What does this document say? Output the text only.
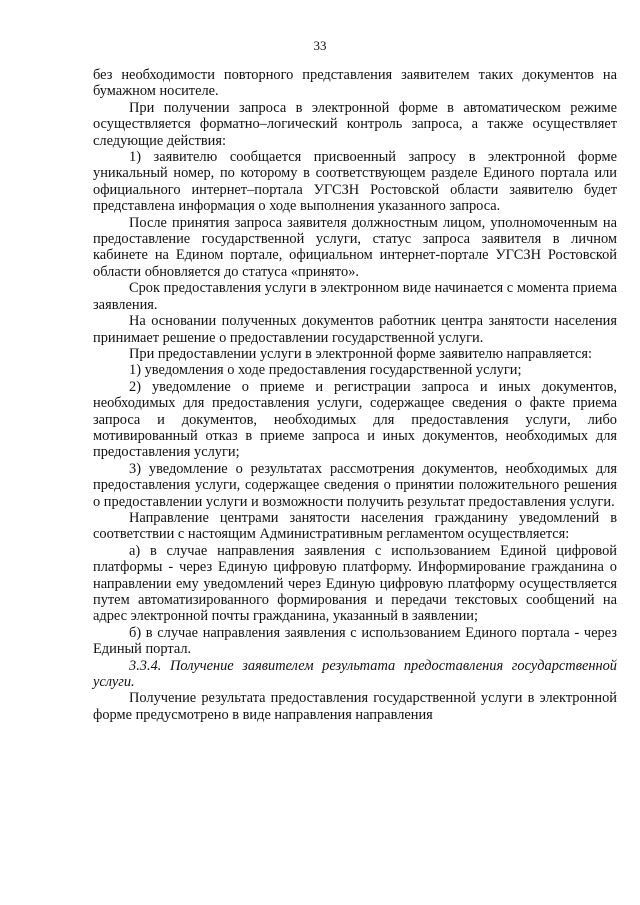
33

без необходимости повторного представления заявителем таких документов на бумажном носителе.

При получении запроса в электронной форме в автоматическом режиме осуществляется форматно–логический контроль запроса, а также осуществляет следующие действия:

1) заявителю сообщается присвоенный запросу в электронной форме уникальный номер, по которому в соответствующем разделе Единого портала или официального интернет–портала УГСЗН Ростовской области заявителю будет представлена информация о ходе выполнения указанного запроса.

После принятия запроса заявителя должностным лицом, уполномоченным на предоставление государственной услуги, статус запроса заявителя в личном кабинете на Едином портале, официальном интернет-портале УГСЗН Ростовской области обновляется до статуса «принято».

Срок предоставления услуги в электронном виде начинается с момента приема заявления.

На основании полученных документов работник центра занятости населения принимает решение о предоставлении государственной услуги.

При предоставлении услуги в электронной форме заявителю направляется:

1) уведомления о ходе предоставления государственной услуги;

2) уведомление о приеме и регистрации запроса и иных документов, необходимых для предоставления услуги, содержащее сведения о факте приема запроса и документов, необходимых для предоставления услуги, либо мотивированный отказ в приеме запроса и иных документов, необходимых для предоставления услуги;

3) уведомление о результатах рассмотрения документов, необходимых для предоставления услуги, содержащее сведения о принятии положительного решения о предоставлении услуги и возможности получить результат предоставления услуги.

Направление центрами занятости населения гражданину уведомлений в соответствии с настоящим Административным регламентом осуществляется:

а) в случае направления заявления с использованием Единой цифровой платформы - через Единую цифровую платформу. Информирование гражданина о направлении ему уведомлений через Единую цифровую платформу осуществляется путем автоматизированного формирования и передачи текстовых сообщений на адрес электронной почты гражданина, указанный в заявлении;

б) в случае направления заявления с использованием Единого портала - через Единый портал.

3.3.4. Получение заявителем результата предоставления государственной услуги.

Получение результата предоставления государственной услуги в электронной форме предусмотрено в виде направления направления
